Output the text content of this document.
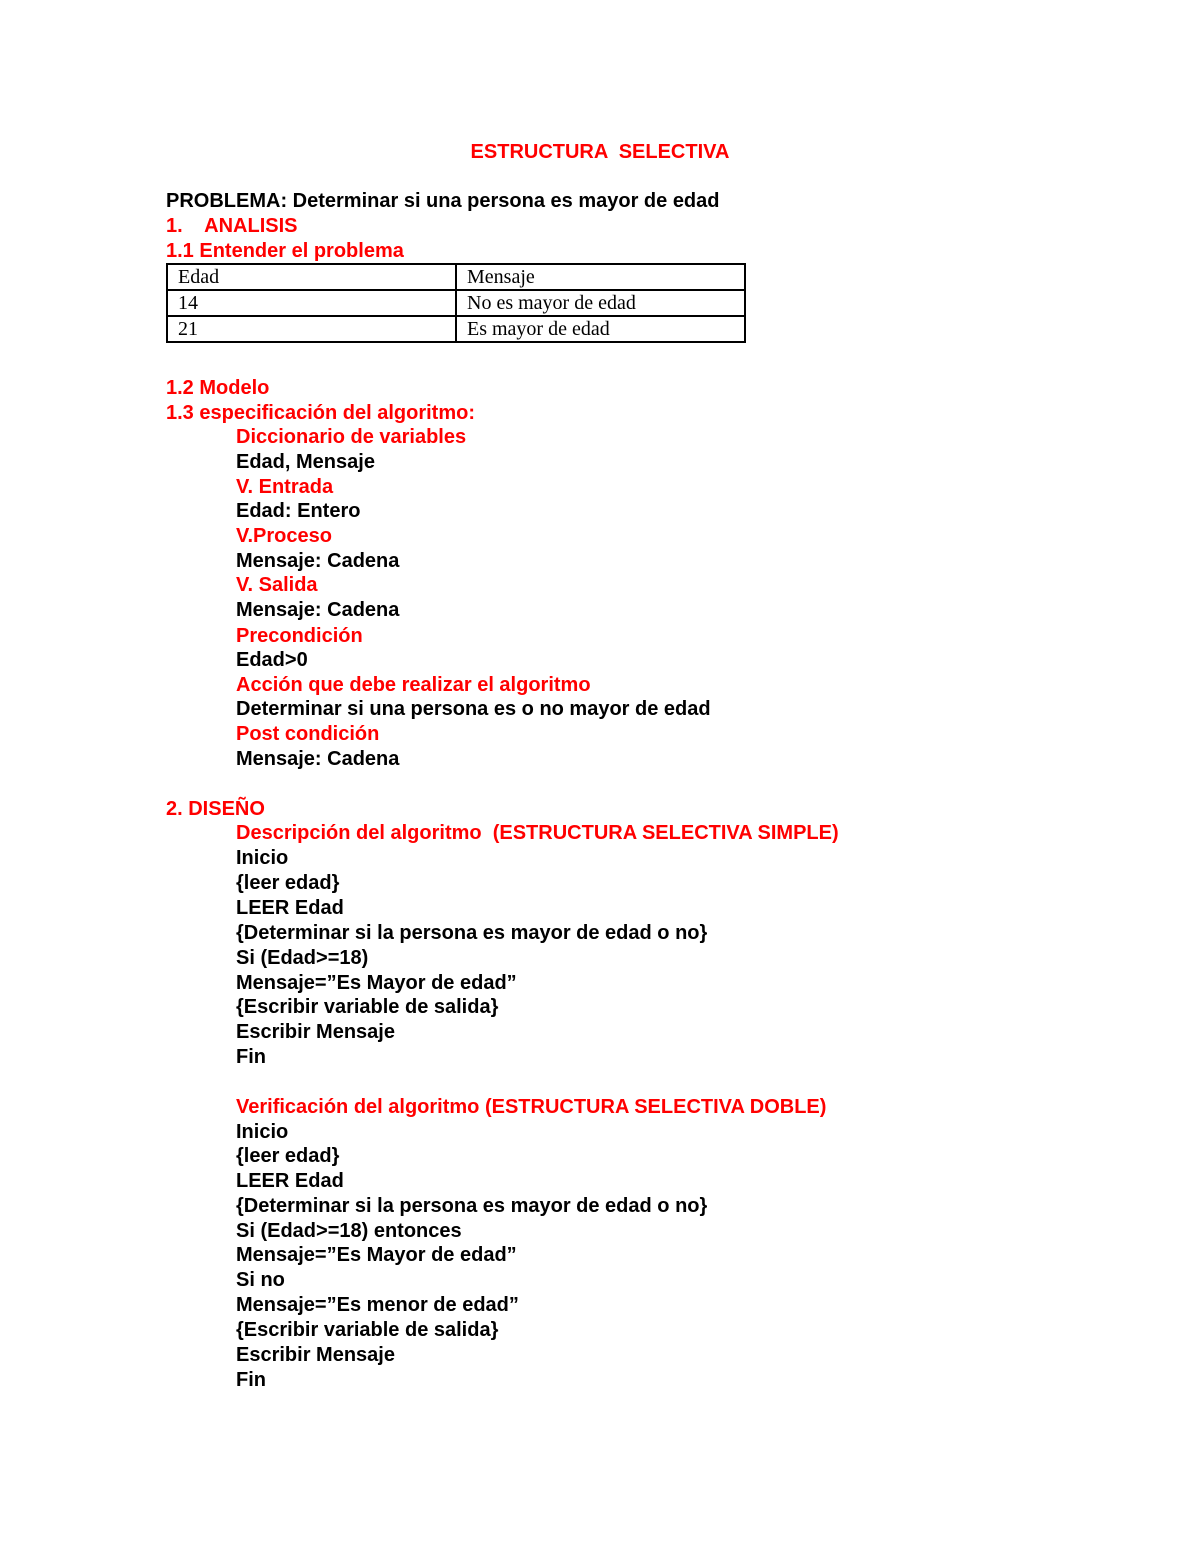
ESTRUCTURA  SELECTIVA
PROBLEMA: Determinar si una persona es mayor de edad
1.    ANALISIS
1.1 Entender el problema
Edad	Mensaje
14	No es mayor de edad
21	Es mayor de edad
1.2 Modelo
1.3 especificación del algoritmo:
Diccionario de variables
Edad, Mensaje
V. Entrada
Edad: Entero
V.Proceso
Mensaje: Cadena
V. Salida
Mensaje: Cadena
Precondición
Edad>0
Acción que debe realizar el algoritmo
Determinar si una persona es o no mayor de edad
Post condición
Mensaje: Cadena
2. DISEÑO
Descripción del algoritmo  (ESTRUCTURA SELECTIVA SIMPLE)
Inicio
{leer edad}
LEER Edad
{Determinar si la persona es mayor de edad o no}
Si (Edad>=18)
Mensaje=”Es Mayor de edad”
{Escribir variable de salida}
Escribir Mensaje
Fin
Verificación del algoritmo (ESTRUCTURA SELECTIVA DOBLE)
Inicio
{leer edad}
LEER Edad
{Determinar si la persona es mayor de edad o no}
Si (Edad>=18) entonces
Mensaje=”Es Mayor de edad”
Si no
Mensaje=”Es menor de edad”
{Escribir variable de salida}
Escribir Mensaje
Fin
